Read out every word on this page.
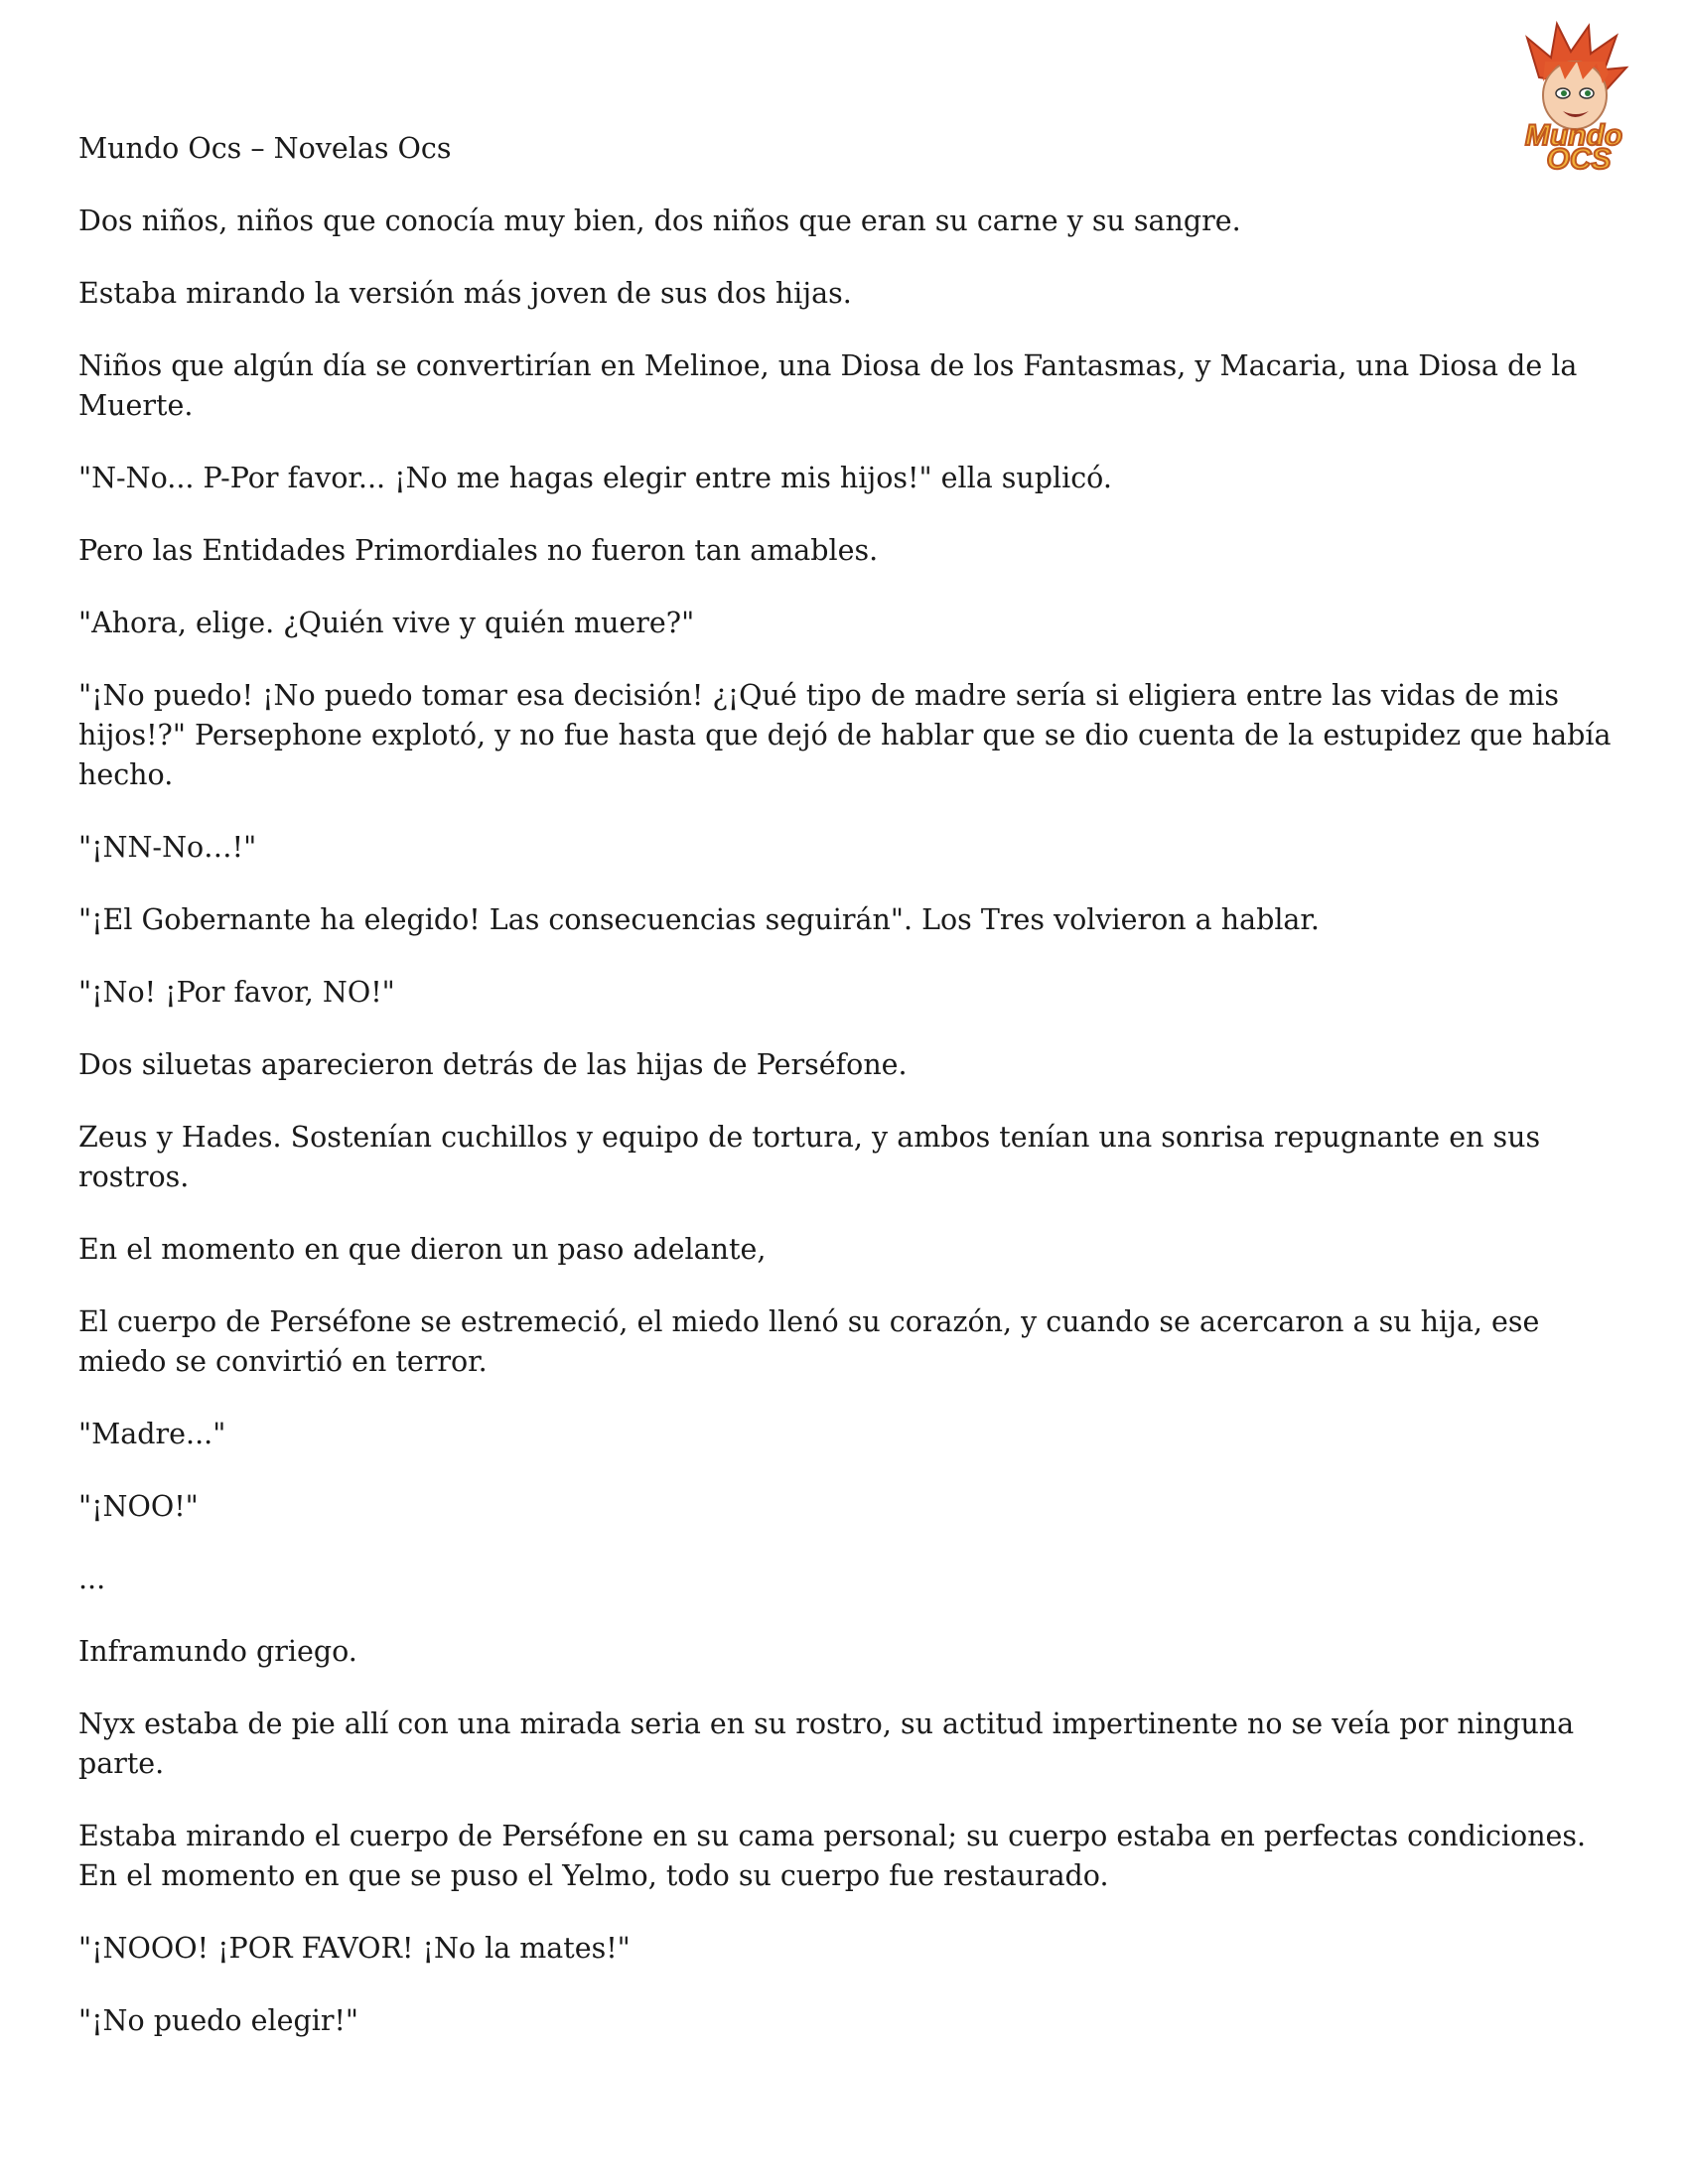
Mundo
OCS

Mundo Ocs – Novelas Ocs

Dos niños, niños que conocía muy bien, dos niños que eran su carne y su sangre.

Estaba mirando la versión más joven de sus dos hijas.

Niños que algún día se convertirían en Melinoe, una Diosa de los Fantasmas, y Macaria, una Diosa de la Muerte.

"N-No... P-Por favor... ¡No me hagas elegir entre mis hijos!" ella suplicó.

Pero las Entidades Primordiales no fueron tan amables.

"Ahora, elige. ¿Quién vive y quién muere?"

"¡No puedo! ¡No puedo tomar esa decisión! ¿¡Qué tipo de madre sería si eligiera entre las vidas de mis hijos!?" Persephone explotó, y no fue hasta que dejó de hablar que se dio cuenta de la estupidez que había hecho.

"¡NN-No…!"

"¡El Gobernante ha elegido! Las consecuencias seguirán". Los Tres volvieron a hablar.

"¡No! ¡Por favor, NO!"

Dos siluetas aparecieron detrás de las hijas de Perséfone.

Zeus y Hades. Sostenían cuchillos y equipo de tortura, y ambos tenían una sonrisa repugnante en sus rostros.

En el momento en que dieron un paso adelante,

El cuerpo de Perséfone se estremeció, el miedo llenó su corazón, y cuando se acercaron a su hija, ese miedo se convirtió en terror.

"Madre..."

"¡NOO!"

...

Inframundo griego.

Nyx estaba de pie allí con una mirada seria en su rostro, su actitud impertinente no se veía por ninguna parte.

Estaba mirando el cuerpo de Perséfone en su cama personal; su cuerpo estaba en perfectas condiciones. En el momento en que se puso el Yelmo, todo su cuerpo fue restaurado.

"¡NOOO! ¡POR FAVOR! ¡No la mates!"

"¡No puedo elegir!"
